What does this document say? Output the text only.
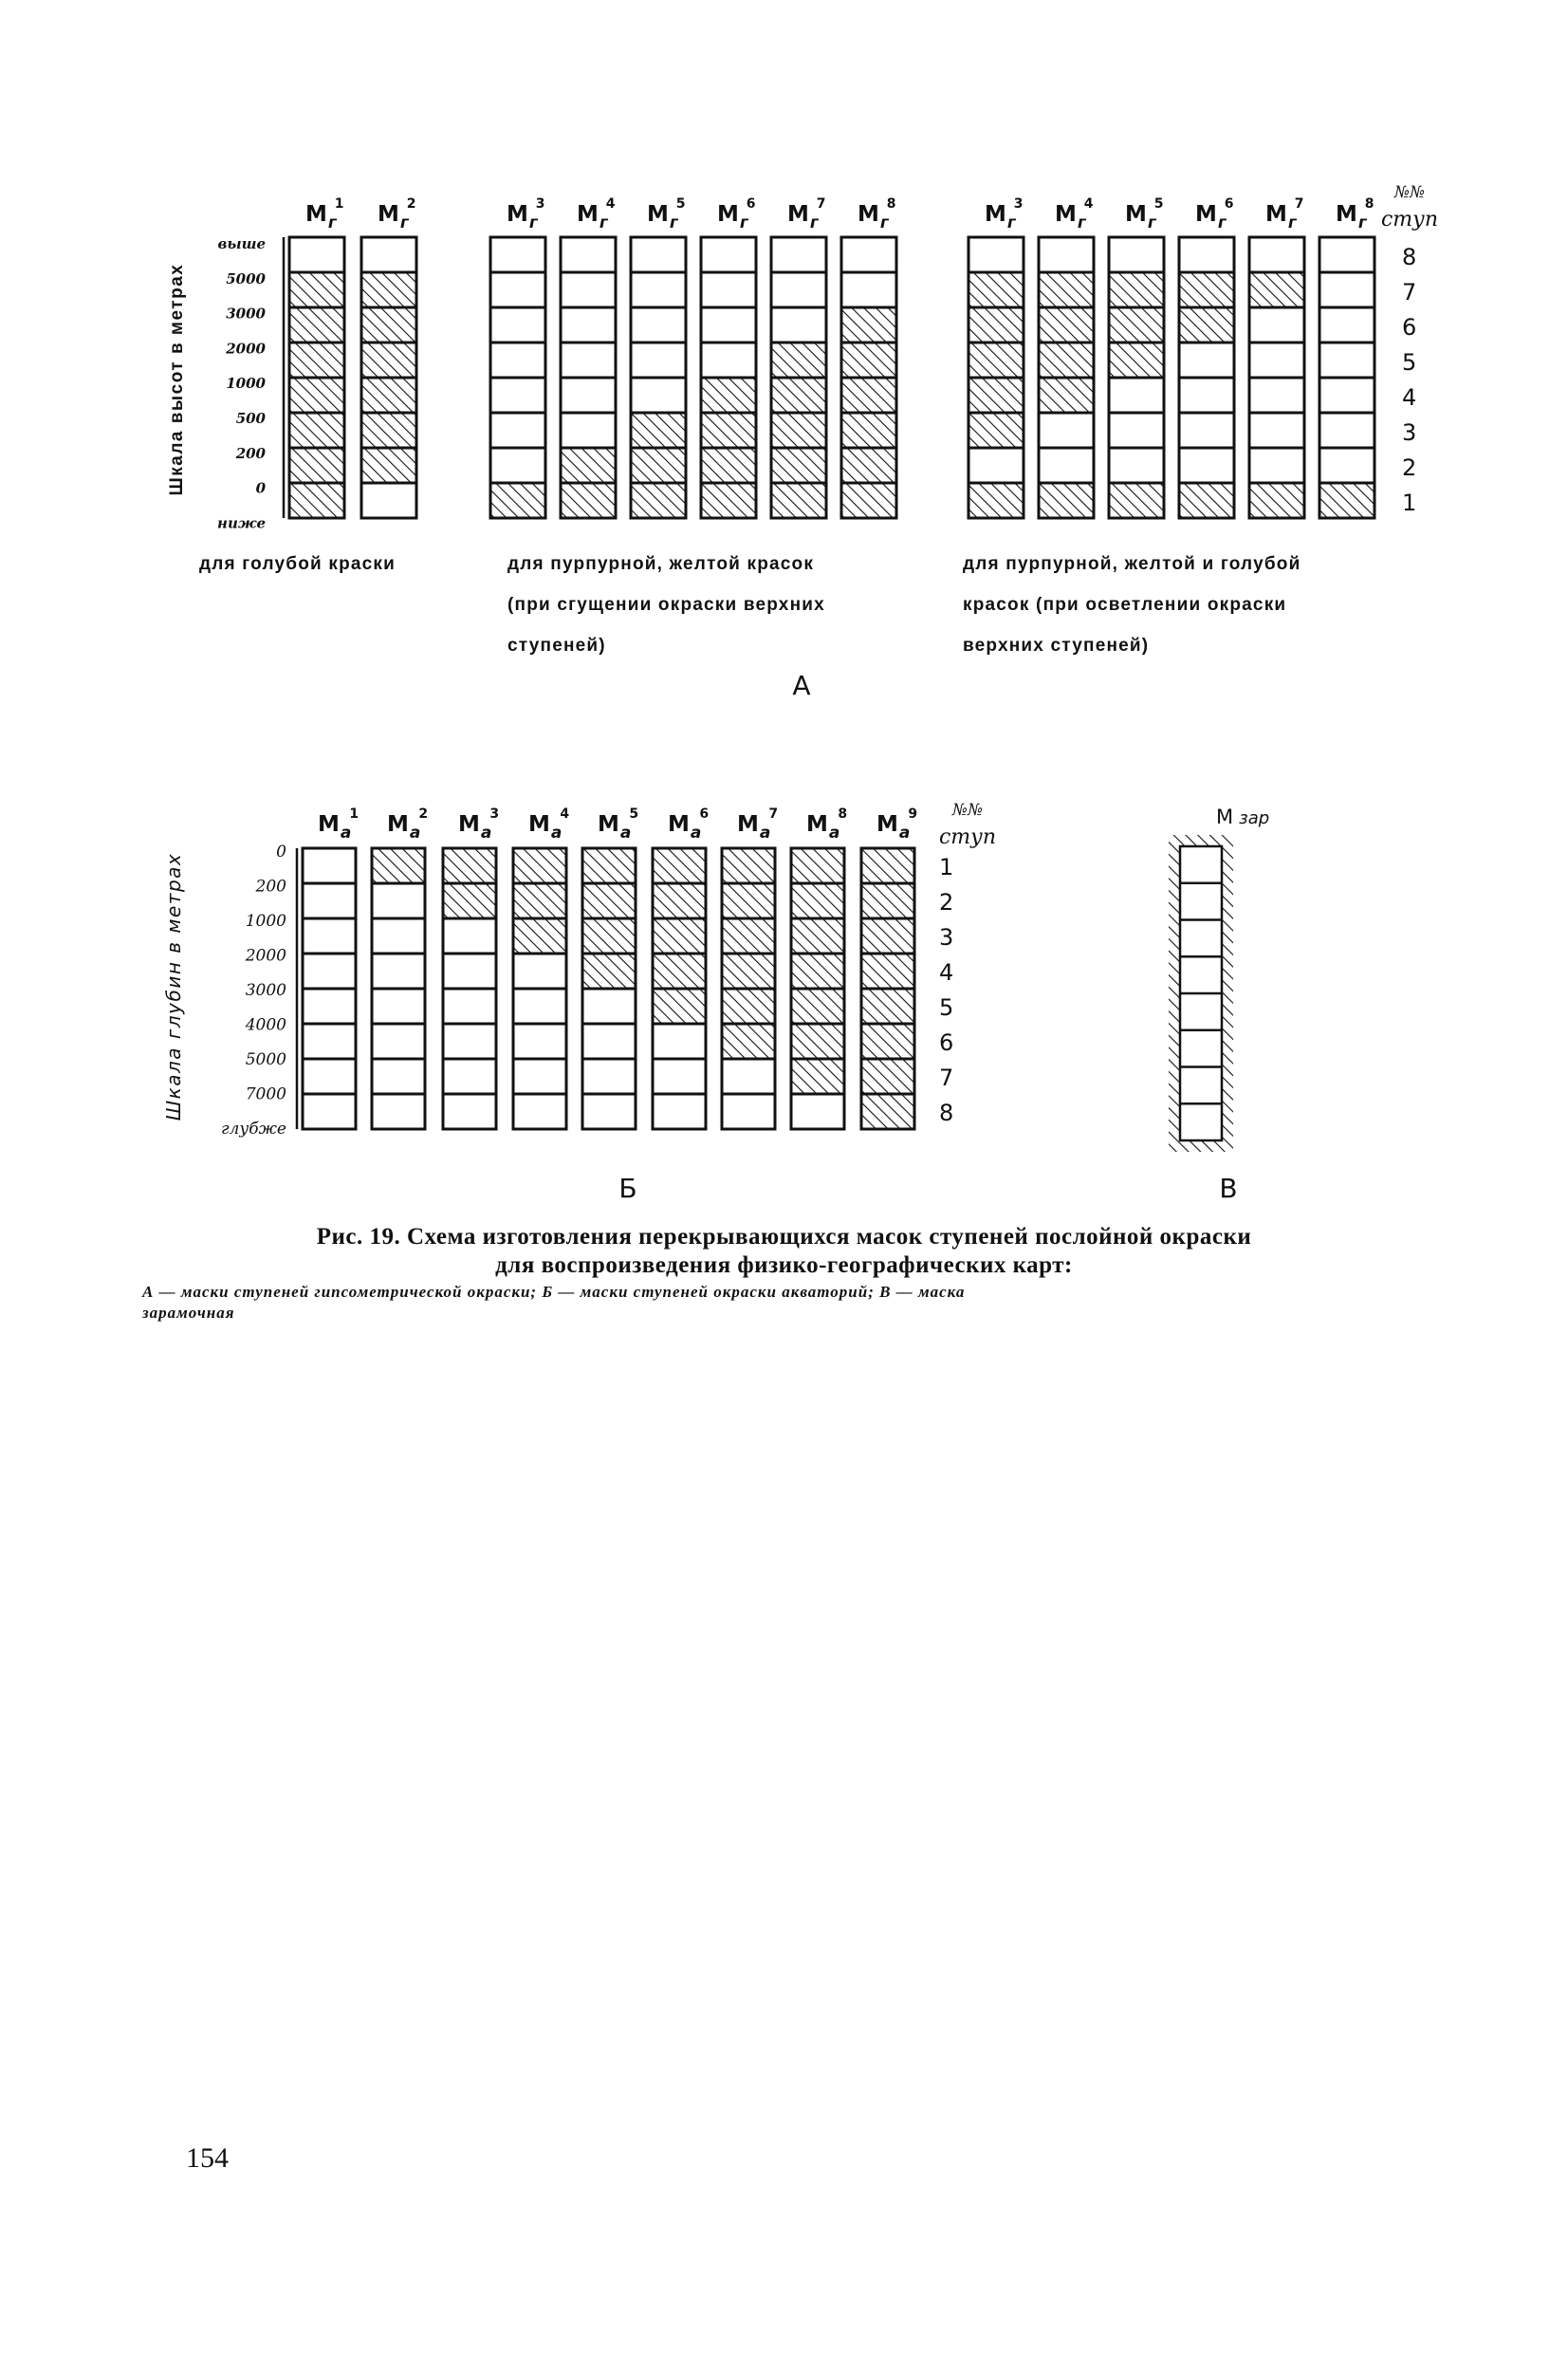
Шкала высот в метрах
выше
5000
3000
2000
1000
500
200
0
ниже
$М_г1$ $М_г2$	$М_г3$ $М_г4$ $М_г5$ $М_г6$ $М_г7$ $М_г8$	$М_г3$ $М_г4$ $М_г5$ $М_г6$ $М_г7$ $М_г8$
8
7
6
5
4
3
2
1
для голубой краски	для пурпурной, желтой красок
(при сгущении окраски верхних
ступеней)
для пурпурной, желтой и голубой
красок (при осветлении окраски
верхних ступеней)
№№
ступ
А
Шкала глубин в метрах
0
200
1000
2000
3000
4000
5000
7000
глубже
$М_а1$ $М_а2$ $М_а3$ $М_а4$ $М_а5$ $М_а6$ $М_а7$ $М_а8$ $М_а9$
1
2
3
4
5
6
7
8
№№
ступ
Б
М зар
В
Рис. 19. Схема изготовления перекрывающихся масок ступеней послойной окраски
для воспроизведения физико-географических карт:
А — маски ступеней гипсометрической окраски; Б — маски ступеней окраски акваторий; В — маска
зарамочная
154
